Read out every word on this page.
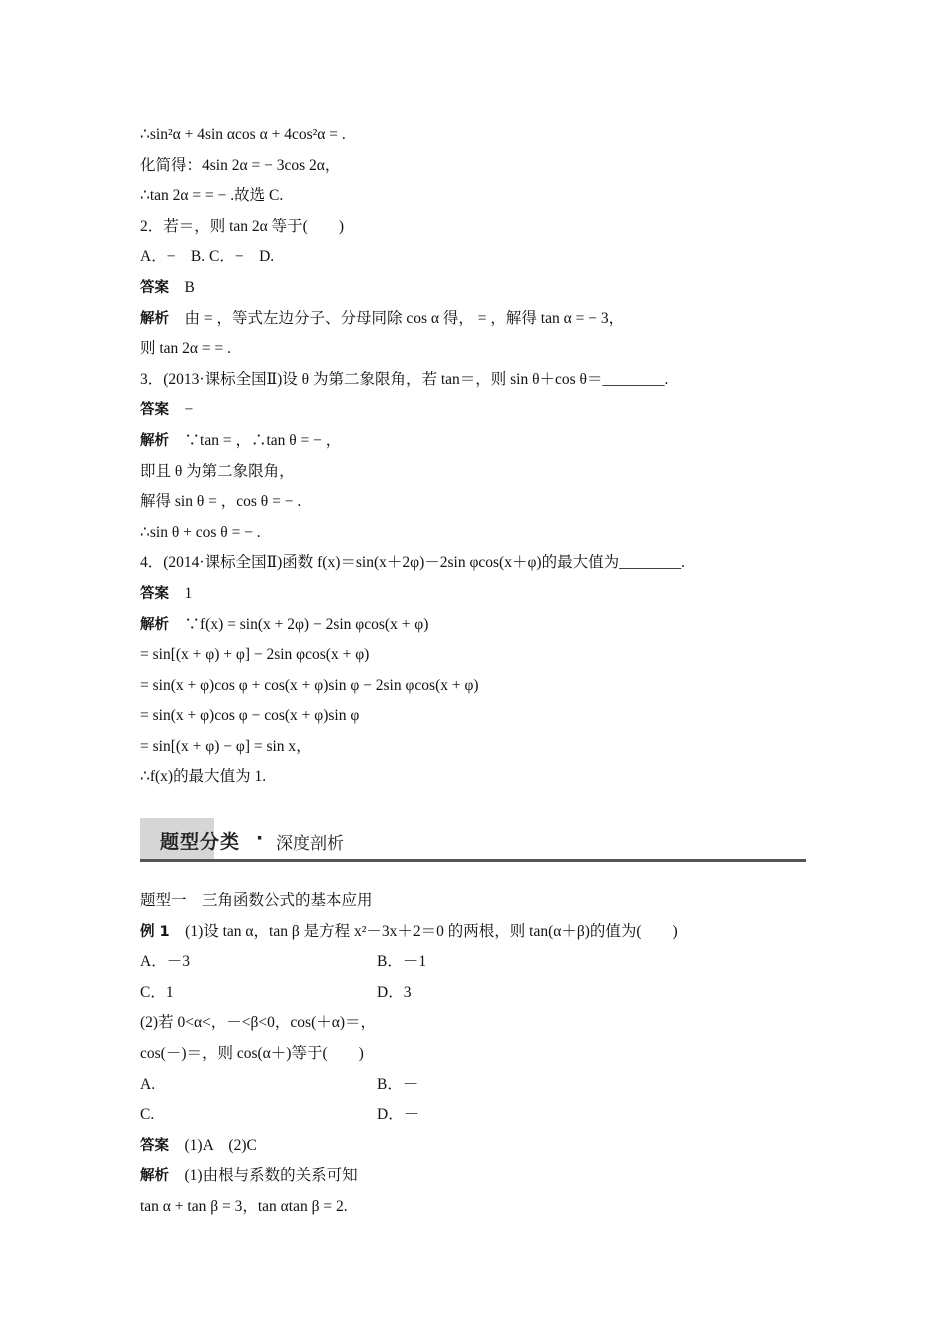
∴sin²α + 4sin αcos α + 4cos²α = .
化简得：4sin 2α = − 3cos 2α，
∴tan 2α = = − .故选 C.
2．若＝，则 tan 2α 等于(　　)
A．−　B. C．−　D.
答案　 B
解析　 由 = ，等式左边分子、分母同除 cos α 得， = ，解得 tan α = − 3，
则 tan 2α = = .
3．(2013·课标全国Ⅱ)设 θ 为第二象限角，若 tan＝，则 sin θ＋cos θ＝________.
答案　 −
解析　 ∵tan = ，∴tan θ = − ，
即且 θ 为第二象限角，
解得 sin θ = ，cos θ = − .
∴sin θ + cos θ = − .
4．(2014·课标全国Ⅱ)函数 f(x)＝sin(x＋2φ)－2sin φcos(x＋φ)的最大值为________.
答案　 1
解析　 ∵f(x) = sin(x + 2φ) − 2sin φcos(x + φ)
= sin[(x + φ) + φ] − 2sin φcos(x + φ)
= sin(x + φ)cos φ + cos(x + φ)sin φ − 2sin φcos(x + φ)
= sin(x + φ)cos φ − cos(x + φ)sin φ
= sin[(x + φ) − φ] = sin x，
∴f(x)的最大值为 1.
题型分类 · 深度剖析
题型一　三角函数公式的基本应用
例 1　 (1)设 tan α，tan β 是方程 x²－3x＋2＝0 的两根，则 tan(α＋β)的值为(　　)
A．－3	B．－1
C．1	D．3
(2)若 0<α<，－<β<0，cos(＋α)＝，
cos(－)＝，则 cos(α＋)等于(　　)
A.	B．－
C.	D．－
答案　 (1)A　(2)C
解析　 (1)由根与系数的关系可知
tan α + tan β = 3，tan αtan β = 2.
